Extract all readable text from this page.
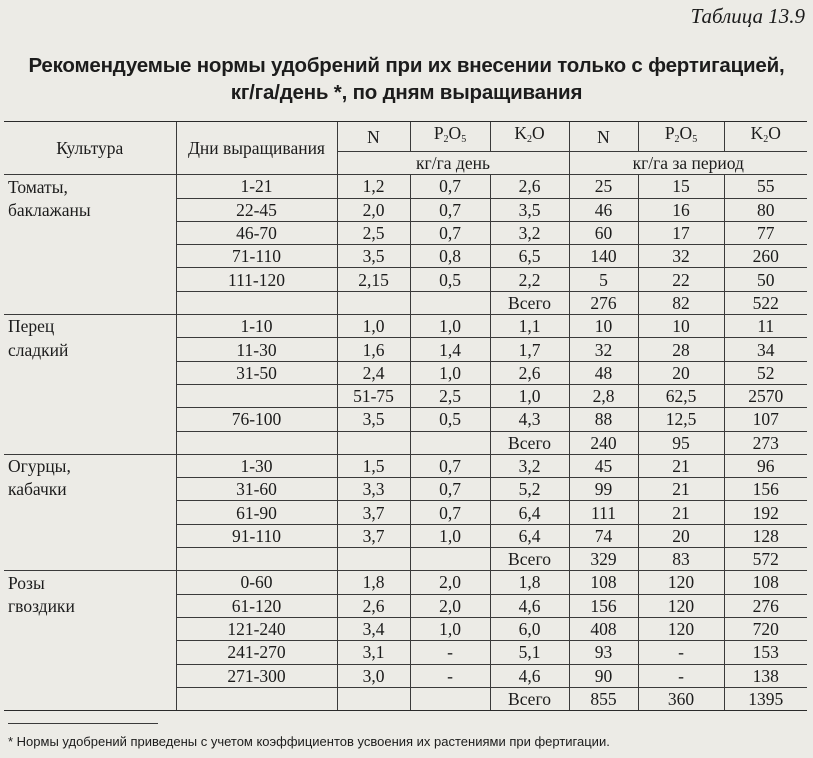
Таблица 13.9
Рекомендуемые нормы удобрений при их внесении только с фертигацией,
кг/га/день *, по дням выращивания
Культура	Дни выращивания	N	$P_2O_5$	$K_2O$	N	$P_2O_5$	$K_2O$
		кг/га день			кг/га за период		
Томаты,	1-21	1,2	0,7	2,6	25	15	55
баклажаны	22-45	2,0	0,7	3,5	46	16	80
	46-70	2,5	0,7	3,2	60	17	77
	71-110	3,5	0,8	6,5	140	32	260
	111-120	2,15	0,5	2,2	5	22	50
				Всего	276	82	522
Перец	1-10	1,0	1,0	1,1	10	10	11
сладкий	11-30	1,6	1,4	1,7	32	28	34
	31-50	2,4	1,0	2,6	48	20	52
		51-75	2,5	1,0	2,8	62,5	2570
	76-100	3,5	0,5	4,3	88	12,5	107
				Всего	240	95	273
Огурцы,	1-30	1,5	0,7	3,2	45	21	96
кабачки	31-60	3,3	0,7	5,2	99	21	156
	61-90	3,7	0,7	6,4	111	21	192
	91-110	3,7	1,0	6,4	74	20	128
				Всего	329	83	572
Розы	0-60	1,8	2,0	1,8	108	120	108
гвоздики	61-120	2,6	2,0	4,6	156	120	276
	121-240	3,4	1,0	6,0	408	120	720
	241-270	3,1	-	5,1	93	-	153
	271-300	3,0	-	4,6	90	-	138
				Всего	855	360	1395
* Нормы удобрений приведены с учетом коэффициентов усвоения их растениями при фертигации.
